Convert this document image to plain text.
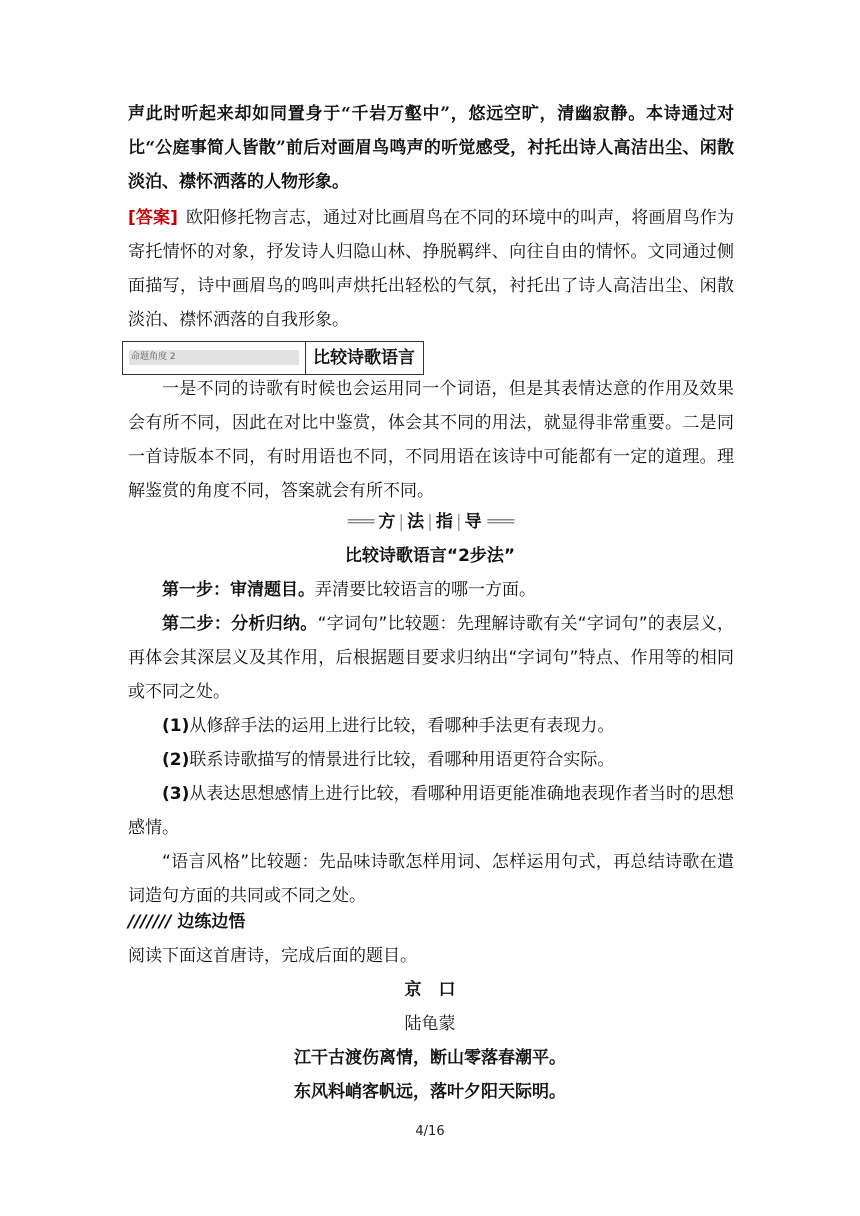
声此时听起来却如同置身于“千岩万壑中”，悠远空旷，清幽寂静。本诗通过对比“公庭事简人皆散”前后对画眉鸟鸣声的听觉感受，衬托出诗人高洁出尘、闲散淡泊、襟怀洒落的人物形象。

[答案] 欧阳修托物言志，通过对比画眉鸟在不同的环境中的叫声，将画眉鸟作为寄托情怀的对象，抒发诗人归隐山林、挣脱羁绊、向往自由的情怀。文同通过侧面描写，诗中画眉鸟的鸣叫声烘托出轻松的气氛，衬托出了诗人高洁出尘、闲散淡泊、襟怀洒落的自我形象。

命题角度 2	比较诗歌语言

一是不同的诗歌有时候也会运用同一个词语，但是其表情达意的作用及效果会有所不同，因此在对比中鉴赏，体会其不同的用法，就显得非常重要。二是同一首诗版本不同，有时用语也不同，不同用语在该诗中可能都有一定的道理。理解鉴赏的角度不同，答案就会有所不同。

═══ 方 | 法 | 指 | 导 ═══
比较诗歌语言“2步法”

第一步：审清题目。弄清要比较语言的哪一方面。

第二步：分析归纳。“字词句”比较题：先理解诗歌有关“字词句”的表层义，再体会其深层义及其作用，后根据题目要求归纳出“字词句”特点、作用等的相同或不同之处。

(1)从修辞手法的运用上进行比较，看哪种手法更有表现力。

(2)联系诗歌描写的情景进行比较，看哪种用语更符合实际。

(3)从表达思想感情上进行比较，看哪种用语更能准确地表现作者当时的思想感情。

“语言风格”比较题：先品味诗歌怎样用词、怎样运用句式，再总结诗歌在遣词造句方面的共同或不同之处。

/////// 边练边悟

阅读下面这首唐诗，完成后面的题目。

京　口
陆龟蒙
江干古渡伤离情，断山零落春潮平。
东风料峭客帆远，落叶夕阳天际明。
4/16
